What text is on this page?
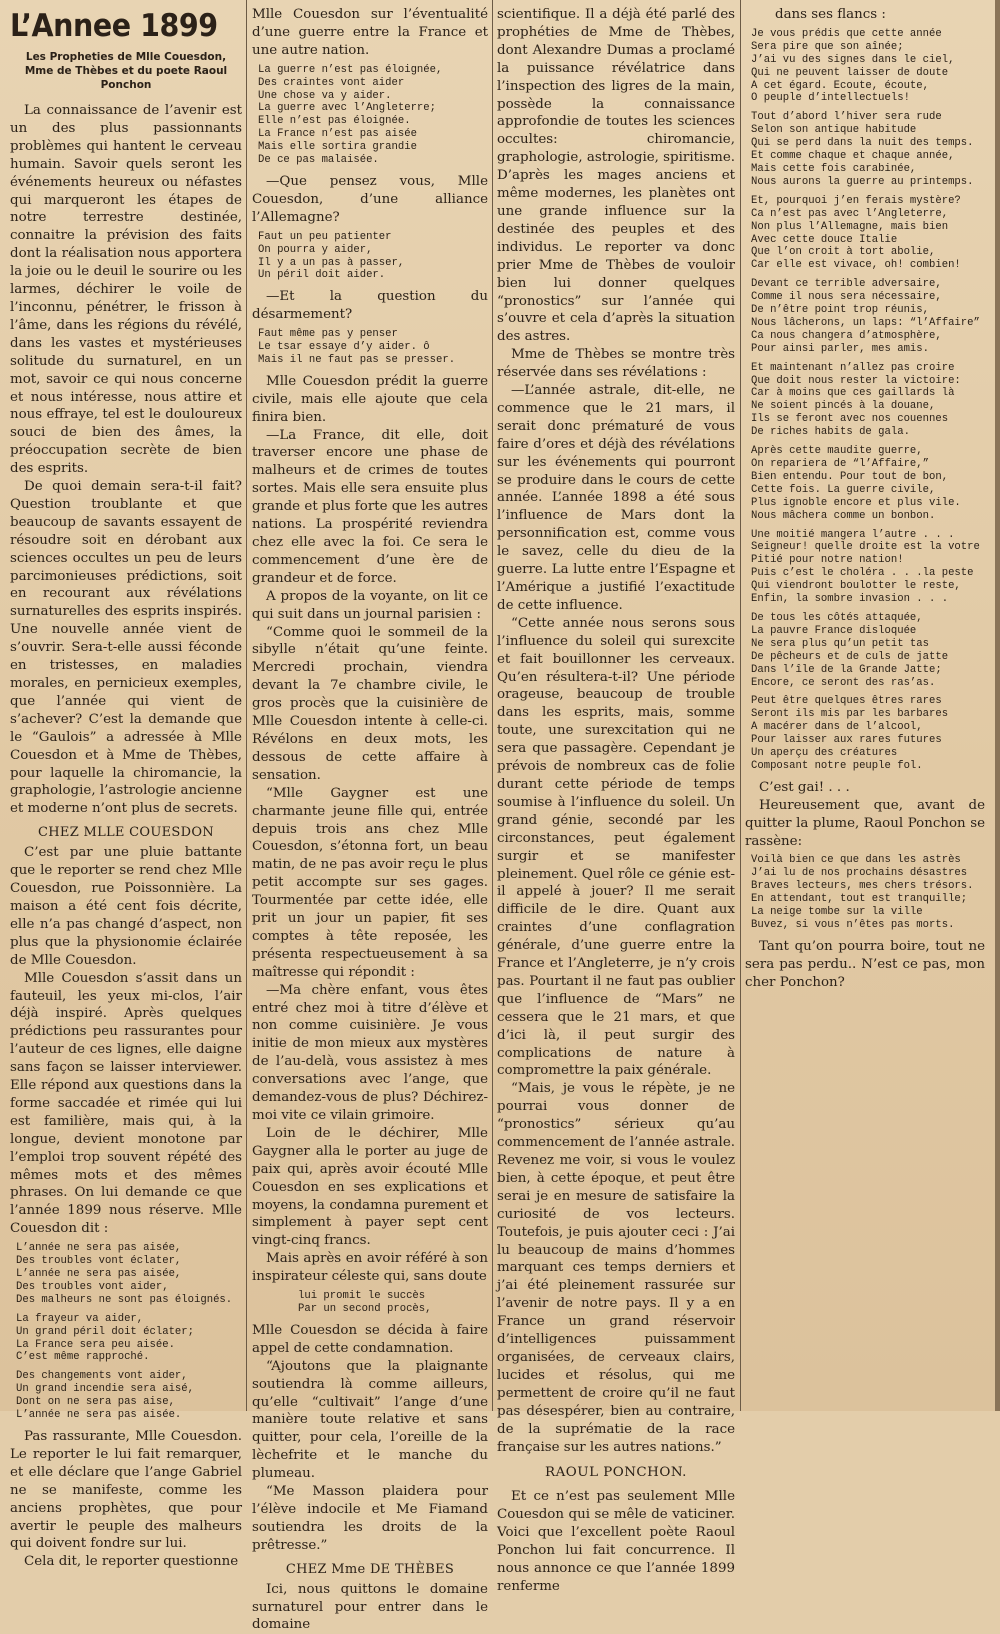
L’Annee 1899
Les Propheties de Mlle Couesdon, Mme de Thèbes et du poete Raoul Ponchon

La connaissance de l’avenir est un des plus passionnants problèmes qui hantent le cerveau humain. Savoir quels seront les événements heureux ou néfastes qui marqueront les étapes de notre terrestre destinée, connaitre la prévision des faits dont la réalisation nous apportera la joie ou le deuil le sourire ou les larmes, déchirer le voile de l’inconnu, pénétrer, le frisson à l’âme, dans les régions du révélé, dans les vastes et mystérieuses solitude du surnaturel, en un mot, savoir ce qui nous concerne et nous intéresse, nous attire et nous effraye, tel est le douloureux souci de bien des âmes, la préoccupation secrète de bien des esprits.

De quoi demain sera-t-il fait? Question troublante et que beaucoup de savants essayent de résoudre soit en dérobant aux sciences occultes un peu de leurs parcimonieuses prédictions, soit en recourant aux révélations surnaturelles des esprits inspirés. Une nouvelle année vient de s’ouvrir. Sera-t-elle aussi féconde en tristesses, en maladies morales, en pernicieux exemples, que l’année qui vient de s’achever? C’est la demande que le “Gaulois” a adressée à Mlle Couesdon et à Mme de Thèbes, pour laquelle la chiromancie, la graphologie, l’astrologie ancienne et moderne n’ont plus de secrets.

CHEZ MLLE COUESDON

C’est par une pluie battante que le reporter se rend chez Mlle Couesdon, rue Poissonnière. La maison a été cent fois décrite, elle n’a pas changé d’aspect, non plus que la physionomie éclairée de Mlle Couesdon.

Mlle Couesdon s’assit dans un fauteuil, les yeux mi-clos, l’air déjà inspiré. Après quelques prédictions peu rassurantes pour l’auteur de ces lignes, elle daigne sans façon se laisser interviewer. Elle répond aux questions dans la forme saccadée et rimée qui lui est familière, mais qui, à la longue, devient monotone par l’emploi trop souvent répété des mêmes mots et des mêmes phrases. On lui demande ce que l’année 1899 nous réserve. Mlle Couesdon dit :

L’année ne sera pas aisée,
Des troubles vont éclater,
L’année ne sera pas aisée,
Des troubles vont aider,
Des malheurs ne sont pas éloignés.
La frayeur va aider,
Un grand péril doit éclater;
La France sera peu aisée.
C’est même rapproché.
Des changements vont aider,
Un grand incendie sera aisé,
Dont on ne sera pas aise,
L’année ne sera pas aisée.

Pas rassurante, Mlle Couesdon. Le reporter le lui fait remarquer, et elle déclare que l’ange Gabriel ne se manifeste, comme les anciens prophètes, que pour avertir le peuple des malheurs qui doivent fondre sur lui.

Cela dit, le reporter questionne

Mlle Couesdon sur l’éventualité d’une guerre entre la France et une autre nation.

La guerre n’est pas éloignée,
Des craintes vont aider
Une chose va y aider.
La guerre avec l’Angleterre;
Elle n’est pas éloignée.
La France n’est pas aisée
Mais elle sortira grandie
De ce pas malaisée.

—Que pensez vous, Mlle Couesdon, d’une alliance l’Allemagne?

Faut un peu patienter
On pourra y aider,
Il y a un pas à passer,
Un péril doit aider.

—Et la question du désarmement?

Faut même pas y penser
Le tsar essaye d’y aider. ô
Mais il ne faut pas se presser.

Mlle Couesdon prédit la guerre civile, mais elle ajoute que cela finira bien.

—La France, dit elle, doit traverser encore une phase de malheurs et de crimes de toutes sortes. Mais elle sera ensuite plus grande et plus forte que les autres nations. La prospérité reviendra chez elle avec la foi. Ce sera le commencement d’une ère de grandeur et de force.

A propos de la voyante, on lit ce qui suit dans un journal parisien :

“Comme quoi le sommeil de la sibylle n’était qu’une feinte. Mercredi prochain, viendra devant la 7e chambre civile, le gros procès que la cuisinière de Mlle Couesdon intente à celle-ci. Révélons en deux mots, les dessous de cette affaire à sensation.

“Mlle Gaygner est une charmante jeune fille qui, entrée depuis trois ans chez Mlle Couesdon, s’étonna fort, un beau matin, de ne pas avoir reçu le plus petit accompte sur ses gages. Tourmentée par cette idée, elle prit un jour un papier, fit ses comptes à tête reposée, les présenta respectueusement à sa maîtresse qui répondit :

—Ma chère enfant, vous êtes entré chez moi à titre d’élève et non comme cuisinière. Je vous initie de mon mieux aux mystères de l’au-delà, vous assistez à mes conversations avec l’ange, que demandez-vous de plus? Déchirez-moi vite ce vilain grimoire.

Loin de le déchirer, Mlle Gaygner alla le porter au juge de paix qui, après avoir écouté Mlle Couesdon en ses explications et moyens, la condamna purement et simplement à payer sept cent vingt-cinq francs.

Mais après en avoir référé à son inspirateur céleste qui, sans doute

lui promit le succès
Par un second procès,

Mlle Couesdon se décida à faire appel de cette condamnation.

“Ajoutons que la plaignante soutiendra là comme ailleurs, qu’elle “cultivait” l’ange d’une manière toute relative et sans quitter, pour cela, l’oreille de la lèchefrite et le manche du plumeau.

“Me Masson plaidera pour l’élève indocile et Me Fiamand soutiendra les droits de la prêtresse.”

CHEZ Mme DE THÈBES

Ici, nous quittons le domaine surnaturel pour entrer dans le domaine

scientifique. Il a déjà été parlé des prophéties de Mme de Thèbes, dont Alexandre Dumas a proclamé la puissance révélatrice dans l’inspection des ligres de la main, possède la connaissance approfondie de toutes les sciences occultes: chiromancie, graphologie, astrologie, spiritisme. D’après les mages anciens et même modernes, les planètes ont une grande influence sur la destinée des peuples et des individus. Le reporter va donc prier Mme de Thèbes de vouloir bien lui donner quelques “pronostics” sur l’année qui s’ouvre et cela d’après la situation des astres.

Mme de Thèbes se montre très réservée dans ses révélations :

—L’année astrale, dit-elle, ne commence que le 21 mars, il serait donc prématuré de vous faire d’ores et déjà des révélations sur les événements qui pourront se produire dans le cours de cette année. L’année 1898 a été sous l’influence de Mars dont la personnification est, comme vous le savez, celle du dieu de la guerre. La lutte entre l’Espagne et l’Amérique a justifié l’exactitude de cette influence.

“Cette année nous serons sous l’influence du soleil qui surexcite et fait bouillonner les cerveaux. Qu’en résultera-t-il? Une période orageuse, beaucoup de trouble dans les esprits, mais, somme toute, une surexcitation qui ne sera que passagère. Cependant je prévois de nombreux cas de folie durant cette période de temps soumise à l’influence du soleil. Un grand génie, secondé par les circonstances, peut également surgir et se manifester pleinement. Quel rôle ce génie est-il appelé à jouer? Il me serait difficile de le dire. Quant aux craintes d’une conflagration générale, d’une guerre entre la France et l’Angleterre, je n’y crois pas. Pourtant il ne faut pas oublier que l’influence de “Mars” ne cessera que le 21 mars, et que d’ici là, il peut surgir des complications de nature à compromettre la paix générale.

“Mais, je vous le répète, je ne pourrai vous donner de “pronostics” sérieux qu’au commencement de l’année astrale. Revenez me voir, si vous le voulez bien, à cette époque, et peut être serai je en mesure de satisfaire la curiosité de vos lecteurs. Toutefois, je puis ajouter ceci : J’ai lu beaucoup de mains d’hommes marquant ces temps derniers et j’ai été pleinement rassurée sur l’avenir de notre pays. Il y a en France un grand réservoir d’intelligences puissamment organisées, de cerveaux clairs, lucides et résolus, qui me permettent de croire qu’il ne faut pas désespérer, bien au contraire, de la suprématie de la race française sur les autres nations.”

RAOUL PONCHON.

Et ce n’est pas seulement Mlle Couesdon qui se mêle de vaticiner. Voici que l’excellent poète Raoul Ponchon lui fait concurrence. Il nous annonce ce que l’année 1899 renferme

dans ses flancs :

Je vous prédis que cette année
Sera pire que son aînée;
J’ai vu des signes dans le ciel,
Qui ne peuvent laisser de doute
A cet égard. Ecoute, écoute,
O peuple d’intellectuels!
Tout d’abord l’hiver sera rude
Selon son antique habitude
Qui se perd dans la nuit des temps.
Et comme chaque et chaque année,
Mais cette fois carabinée,
Nous aurons la guerre au printemps.
Et, pourquoi j’en ferais mystère?
Ca n’est pas avec l’Angleterre,
Non plus l’Allemagne, mais bien
Avec cette douce Italie
Que l’on croit à tort abolie,
Car elle est vivace, oh! combien!
Devant ce terrible adversaire,
Comme il nous sera nécessaire,
De n’être point trop réunis,
Nous lâcherons, un laps: “l’Affaire”
Ca nous changera d’atmosphère,
Pour ainsi parler, mes amis.
Et maintenant n’allez pas croire
Que doit nous rester la victoire:
Car à moins que ces gaillards là
Ne soient pincés à la douane,
Ils se feront avec nos couennes
De riches habits de gala.
Après cette maudite guerre,
On repariera de “l’Affaire,”
Bien entendu. Pour tout de bon,
Cette fois. La guerre civile,
Plus ignoble encore et plus vile.
Nous mâchera comme un bonbon.
Une moitié mangera l’autre . . .
Seigneur! quelle droite est la votre
Pitié pour notre nation!
Puis c’est le choléra . . .la peste
Qui viendront boulotter le reste,
Enfin, la sombre invasion . . .
De tous les côtés attaquée,
La pauvre France disloquée
Ne sera plus qu’un petit tas
De pêcheurs et de culs de jatte
Dans l’île de la Grande Jatte;
Encore, ce seront des ras’as.
Peut être quelques êtres rares
Seront ils mis par les barbares
A macérer dans de l’alcool,
Pour laisser aux rares futures
Un aperçu des créatures
Composant notre peuple fol.

C’est gai! . . .

Heureusement que, avant de quitter la plume, Raoul Ponchon se rassène:

Voilà bien ce que dans les astrès
J’ai lu de nos prochains désastres
Braves lecteurs, mes chers trésors.
En attendant, tout est tranquille;
La neige tombe sur la ville
Buvez, si vous n’êtes pas morts.

Tant qu’on pourra boire, tout ne sera pas perdu.. N’est ce pas, mon cher Ponchon?
